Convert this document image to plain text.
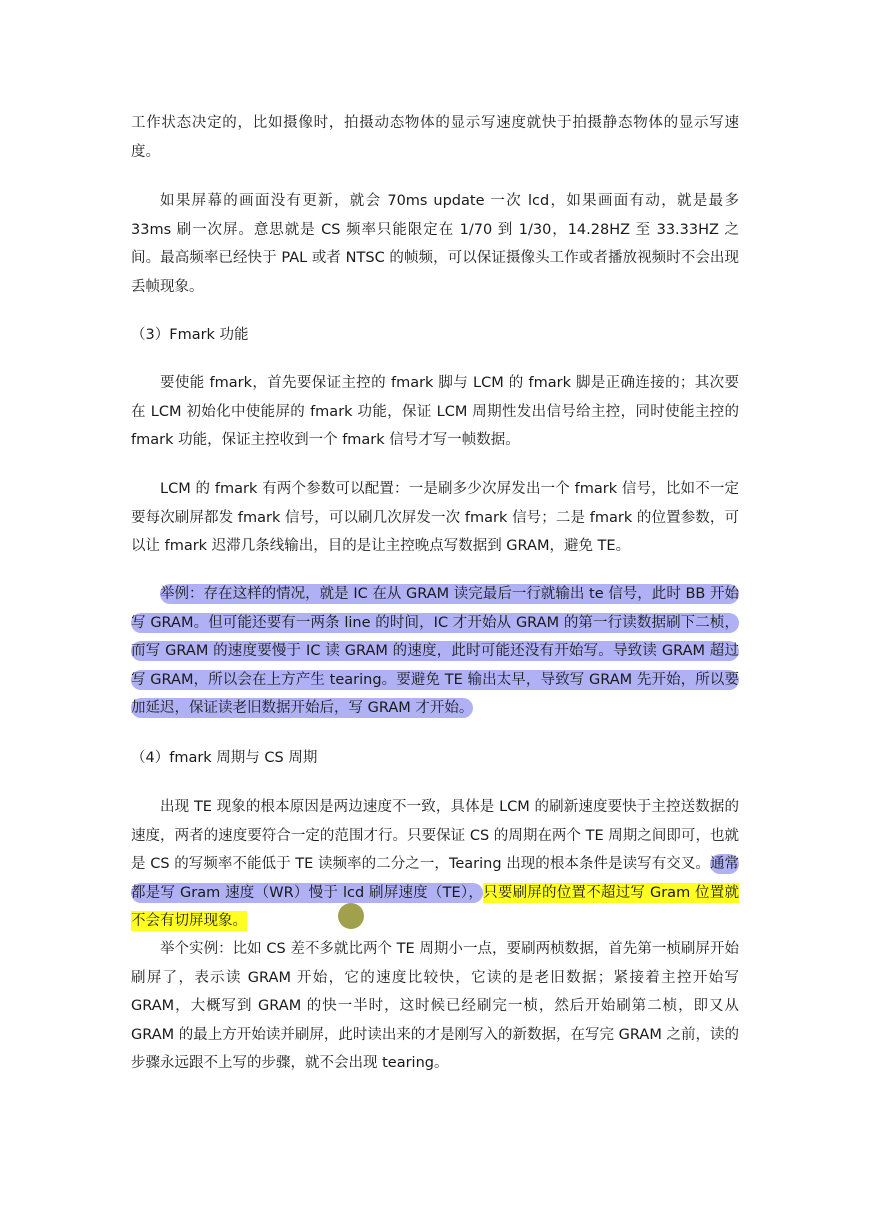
工作状态决定的，比如摄像时，拍摄动态物体的显示写速度就快于拍摄静态物体的显示写速度。

如果屏幕的画面没有更新，就会 70ms update 一次 lcd，如果画面有动，就是最多 33ms 刷一次屏。意思就是 CS 频率只能限定在 1/70 到 1/30，14.28HZ 至 33.33HZ 之间。最高频率已经快于 PAL 或者 NTSC 的帧频，可以保证摄像头工作或者播放视频时不会出现丢帧现象。

（3）Fmark 功能

要使能 fmark，首先要保证主控的 fmark 脚与 LCM 的 fmark 脚是正确连接的；其次要在 LCM 初始化中使能屏的 fmark 功能，保证 LCM 周期性发出信号给主控，同时使能主控的 fmark 功能，保证主控收到一个 fmark 信号才写一帧数据。

LCM 的 fmark 有两个参数可以配置：一是刷多少次屏发出一个 fmark 信号，比如不一定要每次刷屏都发 fmark 信号，可以刷几次屏发一次 fmark 信号；二是 fmark 的位置参数，可以让 fmark 迟滞几条线输出，目的是让主控晚点写数据到 GRAM，避免 TE。

举例：存在这样的情况，就是 IC 在从 GRAM 读完最后一行就输出 te 信号，此时 BB 开始写 GRAM。但可能还要有一两条 line 的时间，IC 才开始从 GRAM 的第一行读数据刷下二桢，而写 GRAM 的速度要慢于 IC 读 GRAM 的速度，此时可能还没有开始写。导致读 GRAM 超过写 GRAM，所以会在上方产生 tearing。要避免 TE 输出太早，导致写 GRAM 先开始，所以要加延迟，保证读老旧数据开始后，写 GRAM 才开始。

（4）fmark 周期与 CS 周期

出现 TE 现象的根本原因是两边速度不一致，具体是 LCM 的刷新速度要快于主控送数据的速度，两者的速度要符合一定的范围才行。只要保证 CS 的周期在两个 TE 周期之间即可，也就是 CS 的写频率不能低于 TE 读频率的二分之一，Tearing 出现的根本条件是读写有交叉。通常都是写 Gram 速度（WR）慢于 lcd 刷屏速度（TE），只要刷屏的位置不超过写 Gram 位置就不会有切屏现象。

举个实例：比如 CS 差不多就比两个 TE 周期小一点，要刷两桢数据，首先第一桢刷屏开始刷屏了，表示读 GRAM 开始，它的速度比较快，它读的是老旧数据；紧接着主控开始写 GRAM，大概写到 GRAM 的快一半时，这时候已经刷完一桢，然后开始刷第二桢，即又从 GRAM 的最上方开始读并刷屏，此时读出来的才是刚写入的新数据，在写完 GRAM 之前，读的步骤永远跟不上写的步骤，就不会出现 tearing。
